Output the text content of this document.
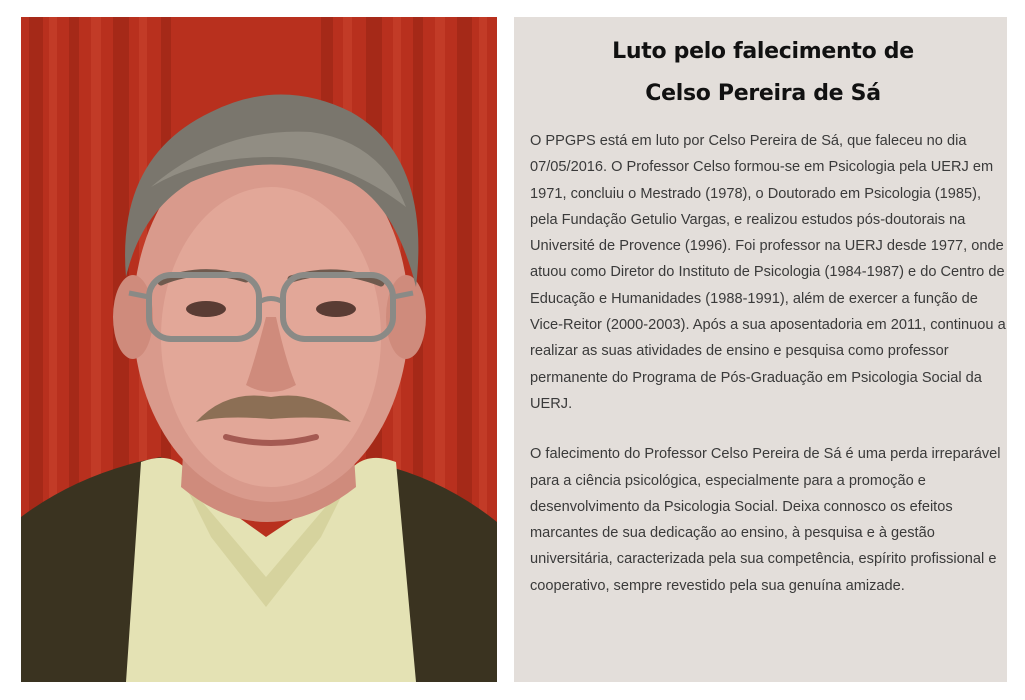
Luto pelo falecimento de
Celso Pereira de Sá

O PPGPS está em luto por Celso Pereira de Sá, que faleceu no dia 07/05/2016. O Professor Celso formou-se em Psicologia pela UERJ em 1971, concluiu o Mestrado (1978), o Doutorado em Psicologia (1985), pela Fundação Getulio Vargas, e realizou estudos pós-doutorais na Université de Provence (1996). Foi professor na UERJ desde 1977, onde atuou como Diretor do Instituto de Psicologia (1984-1987) e do Centro de Educação e Humanidades (1988-1991), além de exercer a função de Vice-Reitor (2000-2003). Após a sua aposentadoria em 2011, continuou a realizar as suas atividades de ensino e pesquisa como professor permanente do Programa de Pós-Graduação em Psicologia Social da UERJ.

O falecimento do Professor Celso Pereira de Sá é uma perda irreparável para a ciência psicológica, especialmente para a promoção e desenvolvimento da Psicologia Social. Deixa connosco os efeitos marcantes de sua dedicação ao ensino, à pesquisa e à gestão universitária, caracterizada pela sua competência, espírito profissional e cooperativo, sempre revestido pela sua genuína amizade.
